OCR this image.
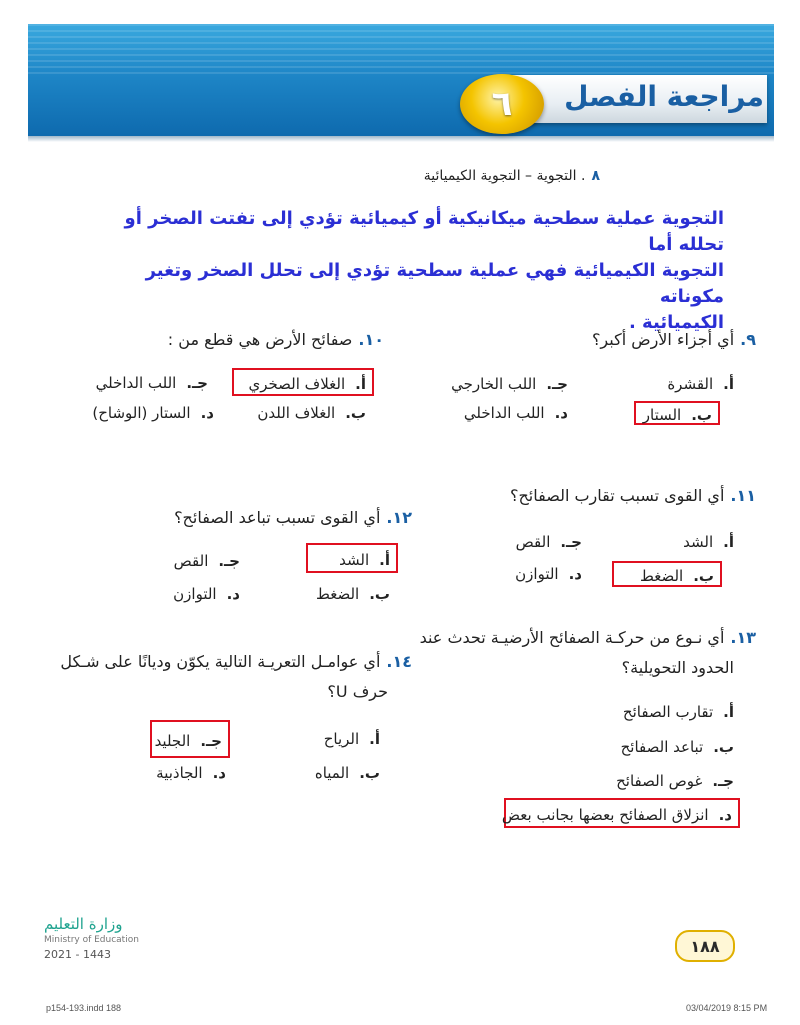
مراجعة الفصل
٦
٨. التجوية – التجوية الكيميائية
التجوية عملية سطحية ميكانيكية أو كيميائية تؤدي إلى تفتت الصخر أو تحلله أما
التجوية الكيميائية فهي عملية سطحية تؤدي إلى تحلل الصخر وتغير مكوناته
الكيميائية .
٩.أي أجزاء الأرض أكبر؟
أ.القشرة
جـ.اللب الخارجي
ب.الستار
د.اللب الداخلي
١٠.صفائح الأرض هي قطع من :
أ.الغلاف الصخري
جـ.اللب الداخلي
ب.الغلاف اللدن
د.الستار (الوشاح)
١١.أي القوى تسبب تقارب الصفائح؟
أ.الشد
جـ.القص
ب.الضغط
د.التوازن
١٢.أي القوى تسبب تباعد الصفائح؟
أ.الشد
جـ.القص
ب.الضغط
د.التوازن
١٣.أي نـوع من حركـة الصفائح الأرضيـة تحدث عند
الحدود التحويلية؟
أ.تقارب الصفائح
ب.تباعد الصفائح
جـ.غوص الصفائح
د.انزلاق الصفائح بعضها بجانب بعض
١٤.أي عوامـل التعريـة التالية يكوّن وديانًا على شـكل
حرف U؟
أ.الرياح
جـ.الجليد
ب.المياه
د.الجاذبية
وزارة التعليم
Ministry of Education
2021 - 1443	١٨٨
p154-193.indd 188	03/04/2019 8:15 PM
